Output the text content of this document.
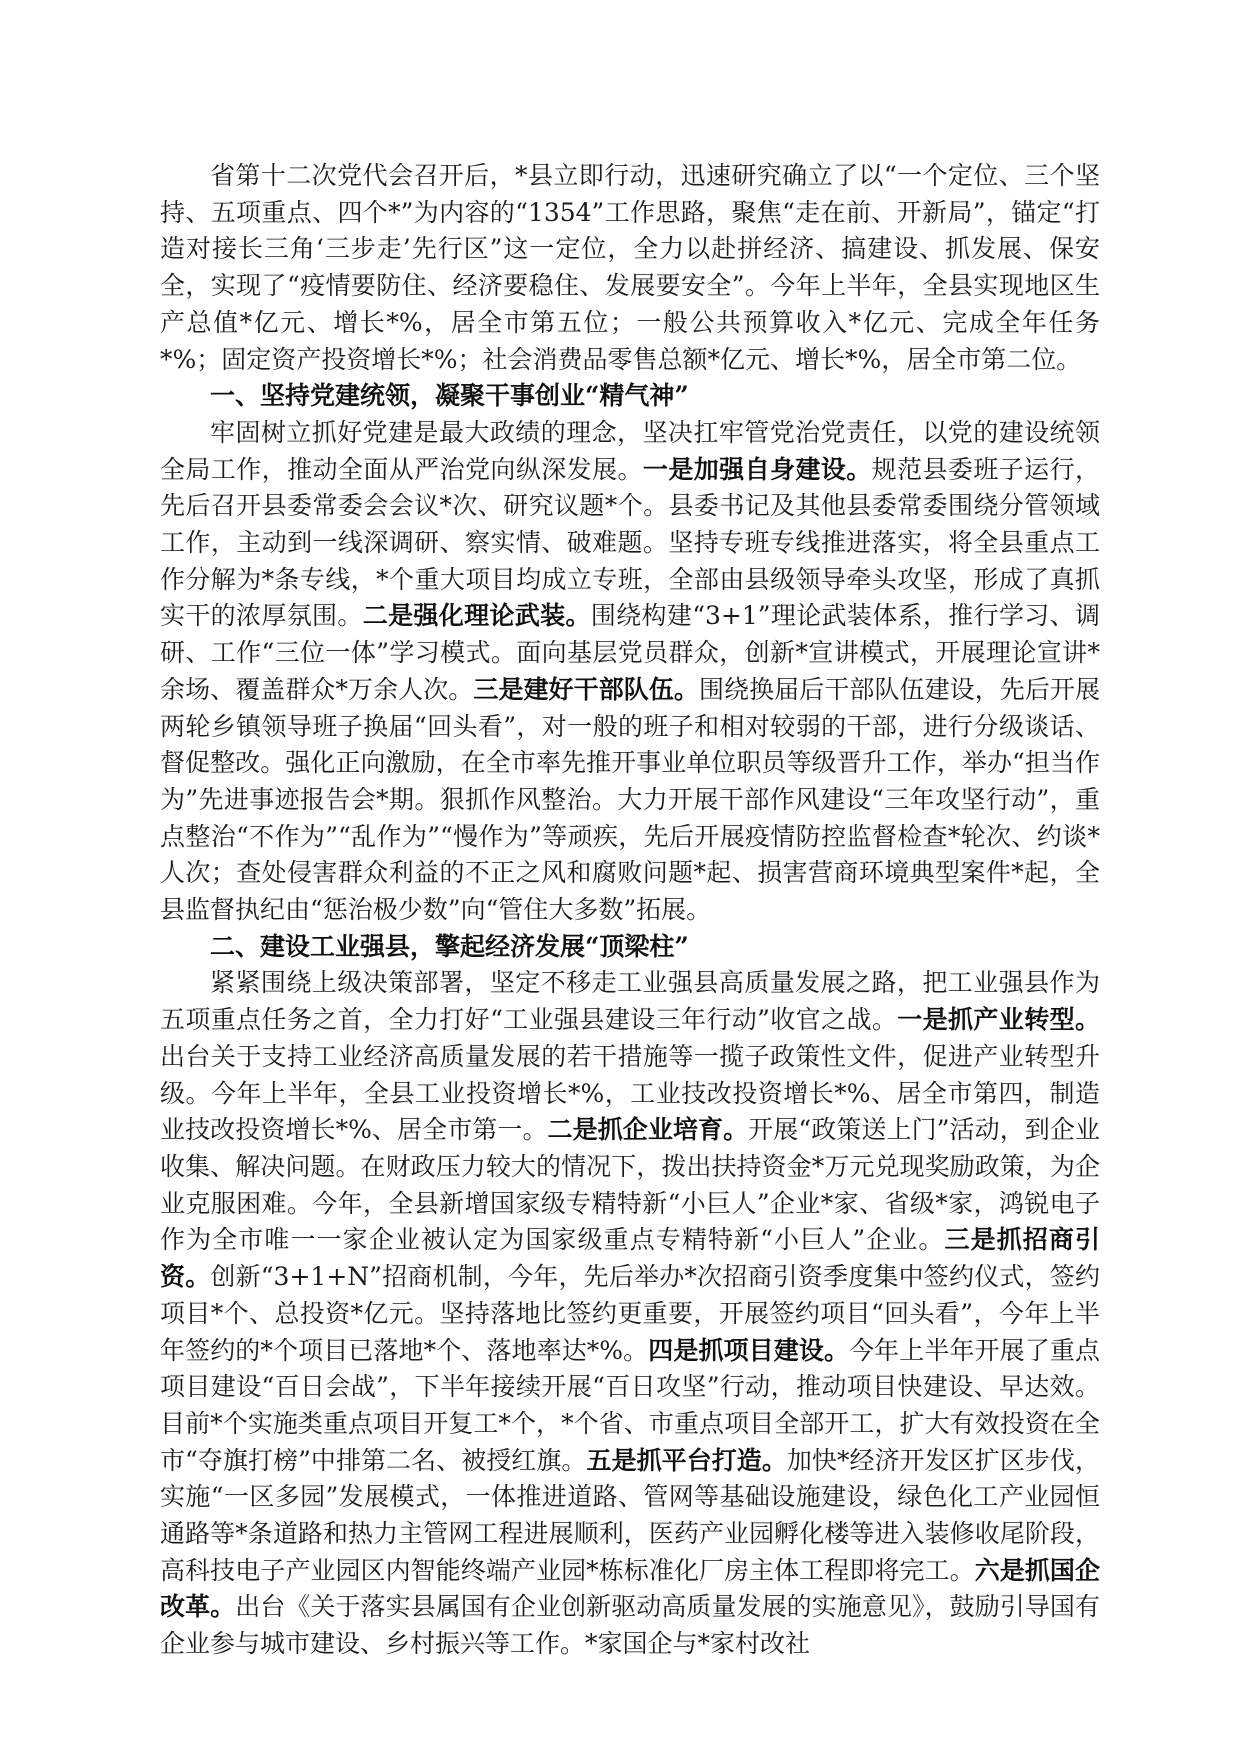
省第十二次党代会召开后，*县立即行动，迅速研究确立了以“一个定位、三个坚持、五项重点、四个*”为内容的“1354”工作思路，聚焦“走在前、开新局”，锚定“打造对接长三角‘三步走’先行区”这一定位，全力以赴拼经济、搞建设、抓发展、保安全，实现了“疫情要防住、经济要稳住、发展要安全”。今年上半年，全县实现地区生产总值*亿元、增长*%，居全市第五位；一般公共预算收入*亿元、完成全年任务*%；固定资产投资增长*%；社会消费品零售总额*亿元、增长*%，居全市第二位。

一、坚持党建统领，凝聚干事创业“精气神”

牢固树立抓好党建是最大政绩的理念，坚决扛牢管党治党责任，以党的建设统领全局工作，推动全面从严治党向纵深发展。一是加强自身建设。规范县委班子运行，先后召开县委常委会会议*次、研究议题*个。县委书记及其他县委常委围绕分管领域工作，主动到一线深调研、察实情、破难题。坚持专班专线推进落实，将全县重点工作分解为*条专线，*个重大项目均成立专班，全部由县级领导牵头攻坚，形成了真抓实干的浓厚氛围。二是强化理论武装。围绕构建“3+1”理论武装体系，推行学习、调研、工作“三位一体”学习模式。面向基层党员群众，创新*宣讲模式，开展理论宣讲*余场、覆盖群众*万余人次。三是建好干部队伍。围绕换届后干部队伍建设，先后开展两轮乡镇领导班子换届“回头看”，对一般的班子和相对较弱的干部，进行分级谈话、督促整改。强化正向激励，在全市率先推开事业单位职员等级晋升工作，举办“担当作为”先进事迹报告会*期。狠抓作风整治。大力开展干部作风建设“三年攻坚行动”，重点整治“不作为”“乱作为”“慢作为”等顽疾，先后开展疫情防控监督检查*轮次、约谈*人次；查处侵害群众利益的不正之风和腐败问题*起、损害营商环境典型案件*起，全县监督执纪由“惩治极少数”向“管住大多数”拓展。

二、建设工业强县，擎起经济发展“顶梁柱”

紧紧围绕上级决策部署，坚定不移走工业强县高质量发展之路，把工业强县作为五项重点任务之首，全力打好“工业强县建设三年行动”收官之战。一是抓产业转型。出台关于支持工业经济高质量发展的若干措施等一揽子政策性文件，促进产业转型升级。今年上半年，全县工业投资增长*%，工业技改投资增长*%、居全市第四，制造业技改投资增长*%、居全市第一。二是抓企业培育。开展“政策送上门”活动，到企业收集、解决问题。在财政压力较大的情况下，拨出扶持资金*万元兑现奖励政策，为企业克服困难。今年，全县新增国家级专精特新“小巨人”企业*家、省级*家，鸿锐电子作为全市唯一一家企业被认定为国家级重点专精特新“小巨人”企业。三是抓招商引资。创新“3+1+N”招商机制，今年，先后举办*次招商引资季度集中签约仪式，签约项目*个、总投资*亿元。坚持落地比签约更重要，开展签约项目“回头看”，今年上半年签约的*个项目已落地*个、落地率达*%。四是抓项目建设。今年上半年开展了重点项目建设“百日会战”，下半年接续开展“百日攻坚”行动，推动项目快建设、早达效。目前*个实施类重点项目开复工*个，*个省、市重点项目全部开工，扩大有效投资在全市“夺旗打榜”中排第二名、被授红旗。五是抓平台打造。加快*经济开发区扩区步伐，实施“一区多园”发展模式，一体推进道路、管网等基础设施建设，绿色化工产业园恒通路等*条道路和热力主管网工程进展顺利，医药产业园孵化楼等进入装修收尾阶段，高科技电子产业园区内智能终端产业园*栋标准化厂房主体工程即将完工。六是抓国企改革。出台《关于落实县属国有企业创新驱动高质量发展的实施意见》，鼓励引导国有企业参与城市建设、乡村振兴等工作。*家国企与*家村改社
